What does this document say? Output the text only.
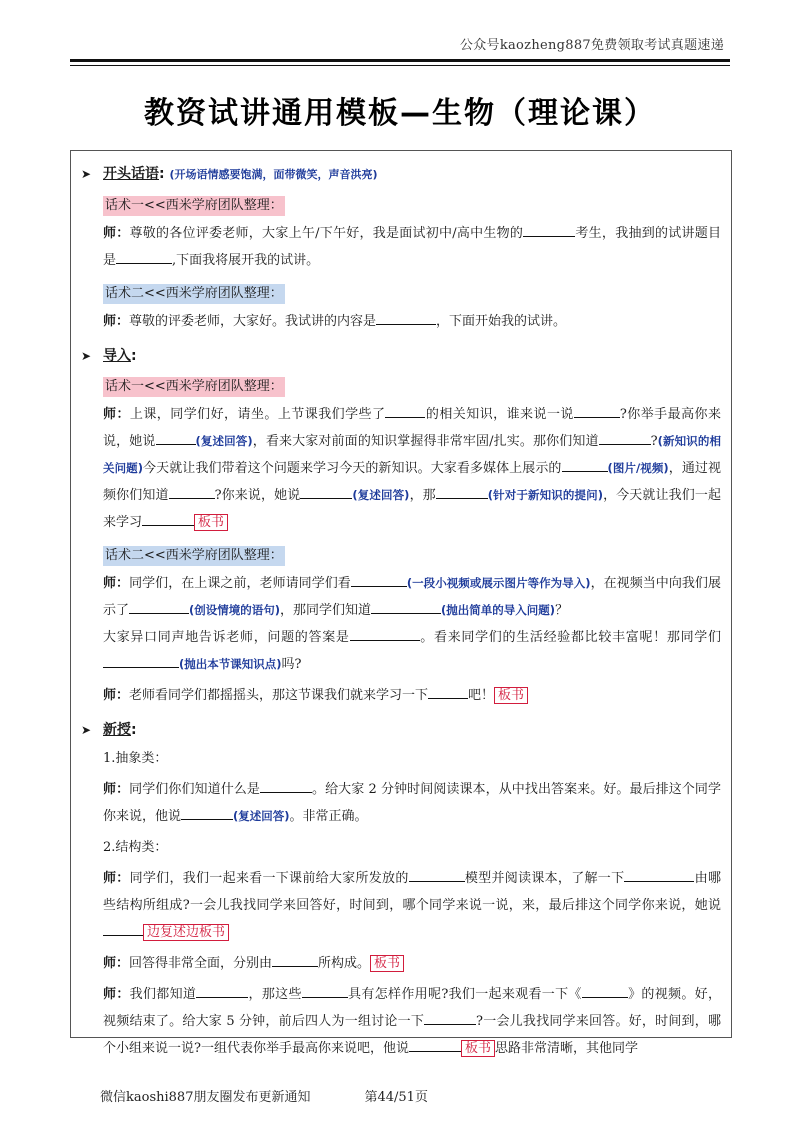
公众号kaozheng887免费领取考试真题速递
教资试讲通用模板—生物（理论课）
➤ 开头话语: (开场语情感要饱满，面带微笑，声音洪亮)
话术一<<西米学府团队整理：

师：尊敬的各位评委老师，大家上午/下午好，我是面试初中/高中生物的	考生，我抽到的试讲题目是	,下面我将展开我的试讲。

话术二<<西米学府团队整理：

师：尊敬的评委老师，大家好。我试讲的内容是	，下面开始我的试讲。

➤ 导入:
话术一<<西米学府团队整理：

师：上课，同学们好，请坐。上节课我们学些了	的相关知识，谁来说一说	?你举手最高你来说，她说	(复述回答)，看来大家对前面的知识掌握得非常牢固/扎实。那你们知道	?(新知识的相关问题)今天就让我们带着这个问题来学习今天的新知识。大家看多媒体上展示的	(图片/视频)，通过视频你们知道	?你来说，她说	(复述回答)，那	(针对于新知识的提问)，今天就让我们一起来学习	板书

话术二<<西米学府团队整理：

师：同学们，在上课之前，老师请同学们看	(一段小视频或展示图片等作为导入)，在视频当中向我们展示了	(创设情境的语句)，那同学们知道	(抛出简单的导入问题)？
大家异口同声地告诉老师，问题的答案是	。看来同学们的生活经验都比较丰富呢！那同学们(抛出本节课知识点)吗?

师：老师看同学们都摇摇头，那这节课我们就来学习一下	吧！ 板书

➤ 新授:

1.抽象类：

师：同学们你们知道什么是	。给大家 2 分钟时间阅读课本，从中找出答案来。好。最后排这个同学你来说，他说	(复述回答)。非常正确。

2.结构类：

师：同学们，我们一起来看一下课前给大家所发放的	模型并阅读课本，了解一下	由哪些结构所组成?一会儿我找同学来回答好，时间到，哪个同学来说一说，来，最后排这个同学你来说，她说边复述边板书

师：回答得非常全面，分别由	所构成。 板书

师：我们都知道	，那这些	具有怎样作用呢?我们一起来观看一下《	》的视频。好，视频结束了。给大家 5 分钟，前后四人为一组讨论一下	?一会儿我找同学来回答。好，时间到，哪个小组来说一说?一组代表你举手最高你来说吧，他说	板书 思路非常清晰，其他同学

微信kaoshi887朋友圈发布更新通知	第44/51页
